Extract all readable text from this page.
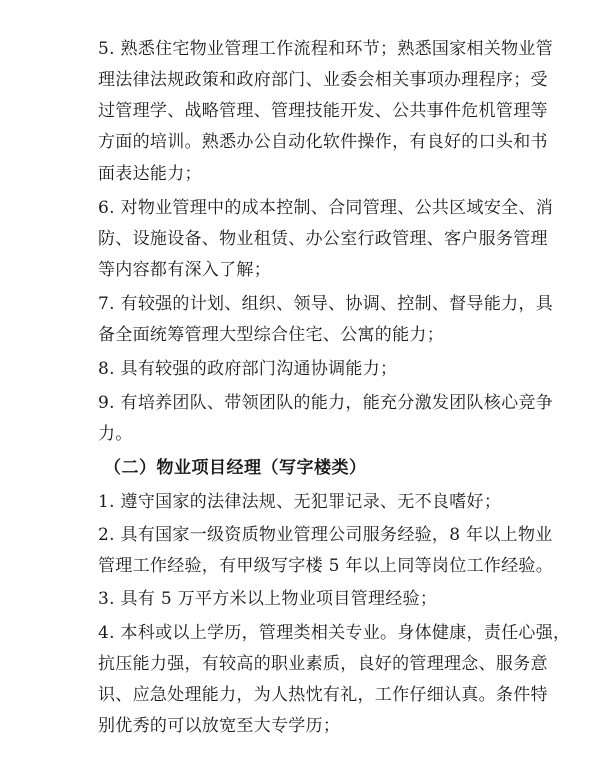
5. 熟悉住宅物业管理工作流程和环节；熟悉国家相关物业管
理法律法规政策和政府部门、业委会相关事项办理程序；受
过管理学、战略管理、管理技能开发、公共事件危机管理等
方面的培训。熟悉办公自动化软件操作，有良好的口头和书
面表达能力；
6. 对物业管理中的成本控制、合同管理、公共区域安全、消
防、设施设备、物业租赁、办公室行政管理、客户服务管理
等内容都有深入了解；
7. 有较强的计划、组织、领导、协调、控制、督导能力，具
备全面统筹管理大型综合住宅、公寓的能力；
8. 具有较强的政府部门沟通协调能力；
9. 有培养团队、带领团队的能力，能充分激发团队核心竞争
力。
（二）物业项目经理（写字楼类）
1. 遵守国家的法律法规、无犯罪记录、无不良嗜好；
2. 具有国家一级资质物业管理公司服务经验，8 年以上物业
管理工作经验，有甲级写字楼 5 年以上同等岗位工作经验。
3. 具有 5 万平方米以上物业项目管理经验；
4. 本科或以上学历，管理类相关专业。身体健康，责任心强，
抗压能力强，有较高的职业素质，良好的管理理念、服务意
识、应急处理能力，为人热忱有礼，工作仔细认真。条件特
别优秀的可以放宽至大专学历；
